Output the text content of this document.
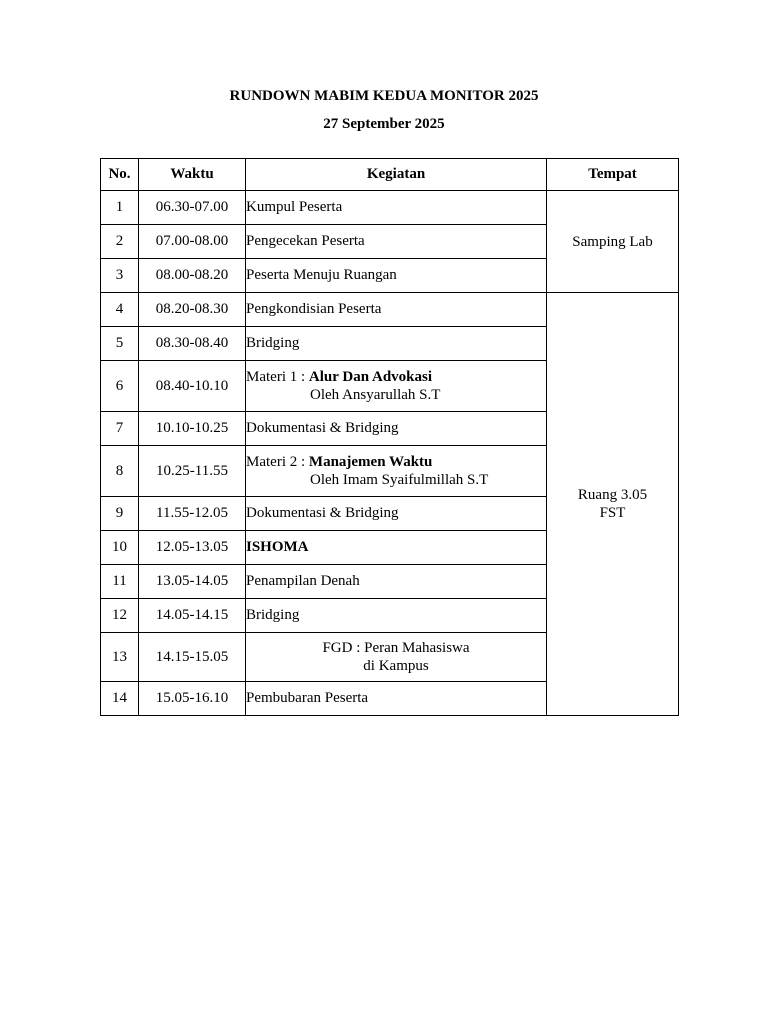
RUNDOWN MABIM KEDUA MONITOR 2025
27 September 2025
No.	Waktu	Kegiatan	Tempat
1	06.30-07.00	Kumpul Peserta	Samping Lab
2	07.00-08.00	Pengecekan Peserta	
3	08.00-08.20	Peserta Menuju Ruangan	
4	08.20-08.30	Pengkondisian Peserta	Ruang 3.05
FST

5	08.30-08.40	Bridging	
6	08.40-10.10	Materi 1 : Alur Dan Advokasi
Oleh Ansyarullah S.T	

7	10.10-10.25	Dokumentasi & Bridging	
8	10.25-11.55	Materi 2 : Manajemen Waktu
Oleh Imam Syaifulmillah S.T	

9	11.55-12.05	Dokumentasi & Bridging	
10	12.05-13.05	ISHOMA	
11	13.05-14.05	Penampilan Denah	
12	14.05-14.15	Bridging	
13	14.15-15.05	FGD : Peran Mahasiswa
di Kampus	

14	15.05-16.10	Pembubaran Peserta	
